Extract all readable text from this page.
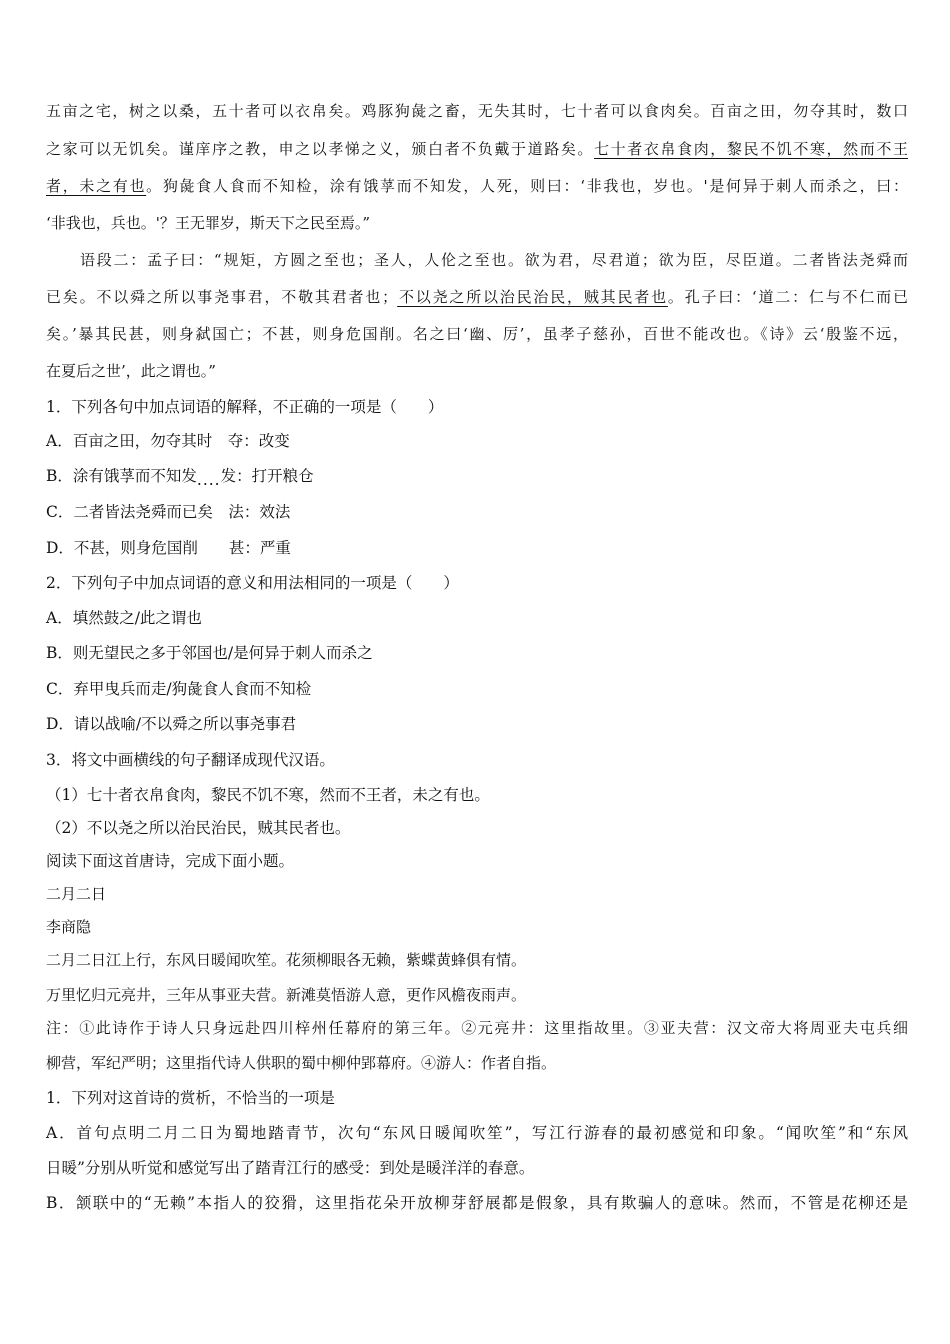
五亩之宅，树之以桑，五十者可以衣帛矣。鸡豚狗彘之畜，无失其时，七十者可以食肉矣。百亩之田，勿夺其时，数口
之家可以无饥矣。谨庠序之教，申之以孝悌之义，颁白者不负戴于道路矣。七十者衣帛食肉，黎民不饥不寒，然而不王
者，未之有也。狗彘食人食而不知检，涂有饿莩而不知发，人死，则曰：‘非我也，岁也。'是何异于刺人而杀之，曰：
‘非我也，兵也。'？王无罪岁，斯天下之民至焉。”
语段二：孟子曰：“规矩，方圆之至也；圣人，人伦之至也。欲为君，尽君道；欲为臣，尽臣道。二者皆法尧舜而
已矣。不以舜之所以事尧事君，不敬其君者也；不以尧之所以治民治民，贼其民者也。孔子曰：‘道二：仁与不仁而已
矣。’暴其民甚，则身弑国亡；不甚，则身危国削。名之曰‘幽、厉’，虽孝子慈孙，百世不能改也。《诗》云‘殷鉴不远，
在夏后之世’，此之谓也。”
1．下列各句中加点词语的解释，不正确的一项是（　　）
A．百亩之田，勿夺其时　夺：改变
B．涂有饿莩而不知发....发：打开粮仓
C．二者皆法尧舜而已矣　法：效法
D．不甚，则身危国削　　甚：严重
2．下列句子中加点词语的意义和用法相同的一项是（　　）
A．填然鼓之/此之谓也
B．则无望民之多于邻国也/是何异于刺人而杀之
C．弃甲曳兵而走/狗彘食人食而不知检
D．请以战喻/不以舜之所以事尧事君
3．将文中画横线的句子翻译成现代汉语。
（1）七十者衣帛食肉，黎民不饥不寒，然而不王者，未之有也。
（2）不以尧之所以治民治民，贼其民者也。
阅读下面这首唐诗，完成下面小题。
二月二日
李商隐
二月二日江上行，东风日暖闻吹笙。花须柳眼各无赖，紫蝶黄蜂俱有情。
万里忆归元亮井，三年从事亚夫营。新滩莫悟游人意，更作风檐夜雨声。
注：①此诗作于诗人只身远赴四川梓州任幕府的第三年。②元亮井：这里指故里。③亚夫营：汉文帝大将周亚夫屯兵细
柳营，军纪严明；这里指代诗人供职的蜀中柳仲郢幕府。④游人：作者自指。
1．下列对这首诗的赏析，不恰当的一项是
A．首句点明二月二日为蜀地踏青节，次句“东风日暖闻吹笙”，写江行游春的最初感觉和印象。“闻吹笙”和“东风
日暖”分别从听觉和感觉写出了踏青江行的感受：到处是暖洋洋的春意。
B．颔联中的“无赖”本指人的狡猾，这里指花朵开放柳芽舒展都是假象，具有欺骗人的意味。然而，不管是花柳还是
